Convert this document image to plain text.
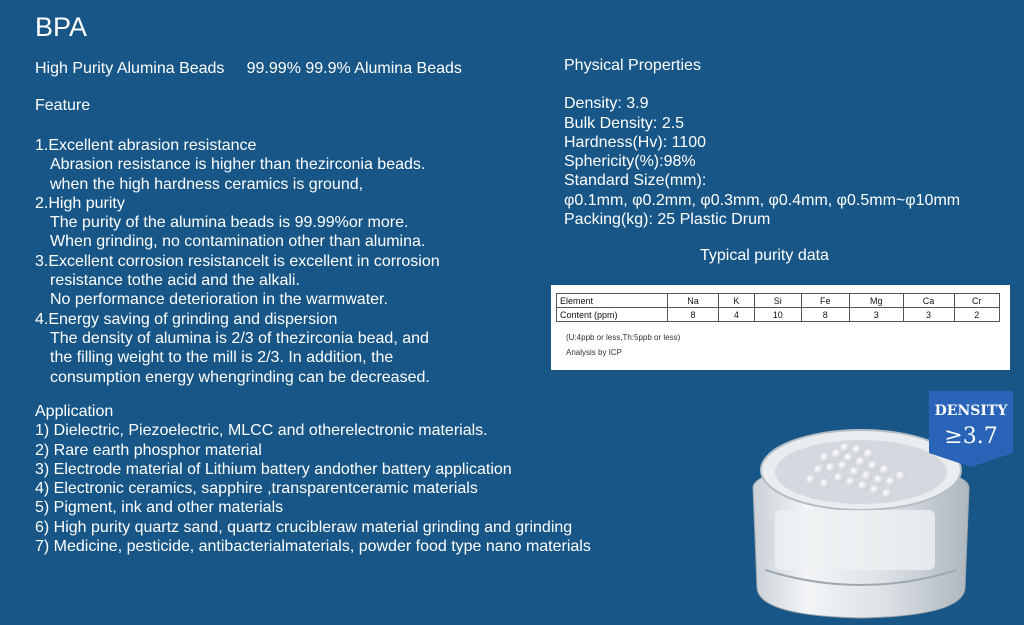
BPA
High Purity Alumina Beads     99.99% 99.9% Alumina Beads
Feature
1.Excellent abrasion resistance
Abrasion resistance is higher than thezirconia beads.
when the high hardness ceramics is ground,
2.High purity
The purity of the alumina beads is 99.99%or more.
When grinding, no contamination other than alumina.
3.Excellent corrosion resistancelt is excellent in corrosion
resistance tothe acid and the alkali.
No performance deterioration in the warmwater.
4.Energy saving of grinding and dispersion
The density of alumina is 2/3 of thezirconia bead, and
the filling weight to the mill is 2/3. In addition, the
consumption energy whengrinding can be decreased.
Application
1) Dielectric, Piezoelectric, MLCC and otherelectronic materials.
2) Rare earth phosphor material
3) Electrode material of Lithium battery andother battery application
4) Electronic ceramics, sapphire ,transparentceramic materials
5) Pigment, ink and other materials
6) High purity quartz sand, quartz crucibleraw material grinding and grinding
7) Medicine, pesticide, antibacterialmaterials, powder food type nano materials
Physical Properties
Density: 3.9
Bulk Density: 2.5
Hardness(Hv): 1100
Sphericity(%):98%
Standard Size(mm):
φ0.1mm, φ0.2mm, φ0.3mm, φ0.4mm, φ0.5mm~φ10mm
Packing(kg): 25 Plastic Drum
Typical purity data
Element	Na	K	Si	Fe	Mg	Ca	Cr
Content (ppm)	8	4	10	8	3	3	2
(U:4ppb or less,Th:5ppb or less)
Analysis by ICP
DENSITY
≥3.7
